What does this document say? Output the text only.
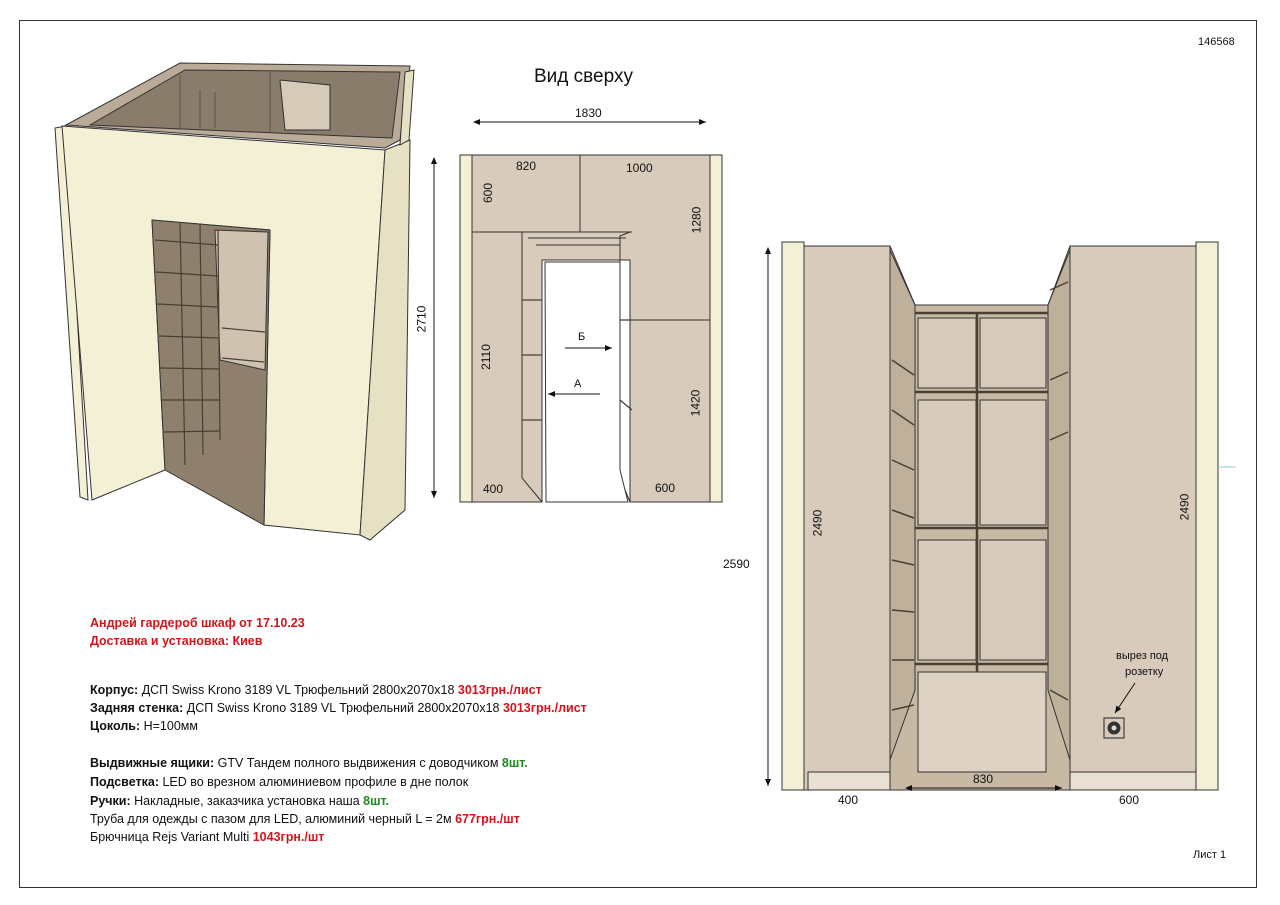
146568
Лист 1
Вид сверху
1830
2710
820	1000
600
1280
2110
1420
400	600
Б
А
2590
2490
2490
830
400	600
вырез под
розетку
Андрей гардероб шкаф от 17.10.23
Доставка и установка: Киев
Корпус: ДСП Swiss Krono 3189 VL Трюфельний 2800х2070х18 3013грн./лист
Задняя стенка: ДСП Swiss Krono 3189 VL Трюфельний 2800х2070х18 3013грн./лист
Цоколь: Н=100мм
Выдвижные ящики: GTV Тандем полного выдвижения с доводчиком 8шт.
Подсветка: LED во врезном алюминиевом профиле в дне полок
Ручки: Накладные, заказчика установка наша 8шт.
Труба для одежды с пазом для LED, алюминий черный L = 2м 677грн./шт
Брючница Rejs Variant Multi 1043грн./шт
